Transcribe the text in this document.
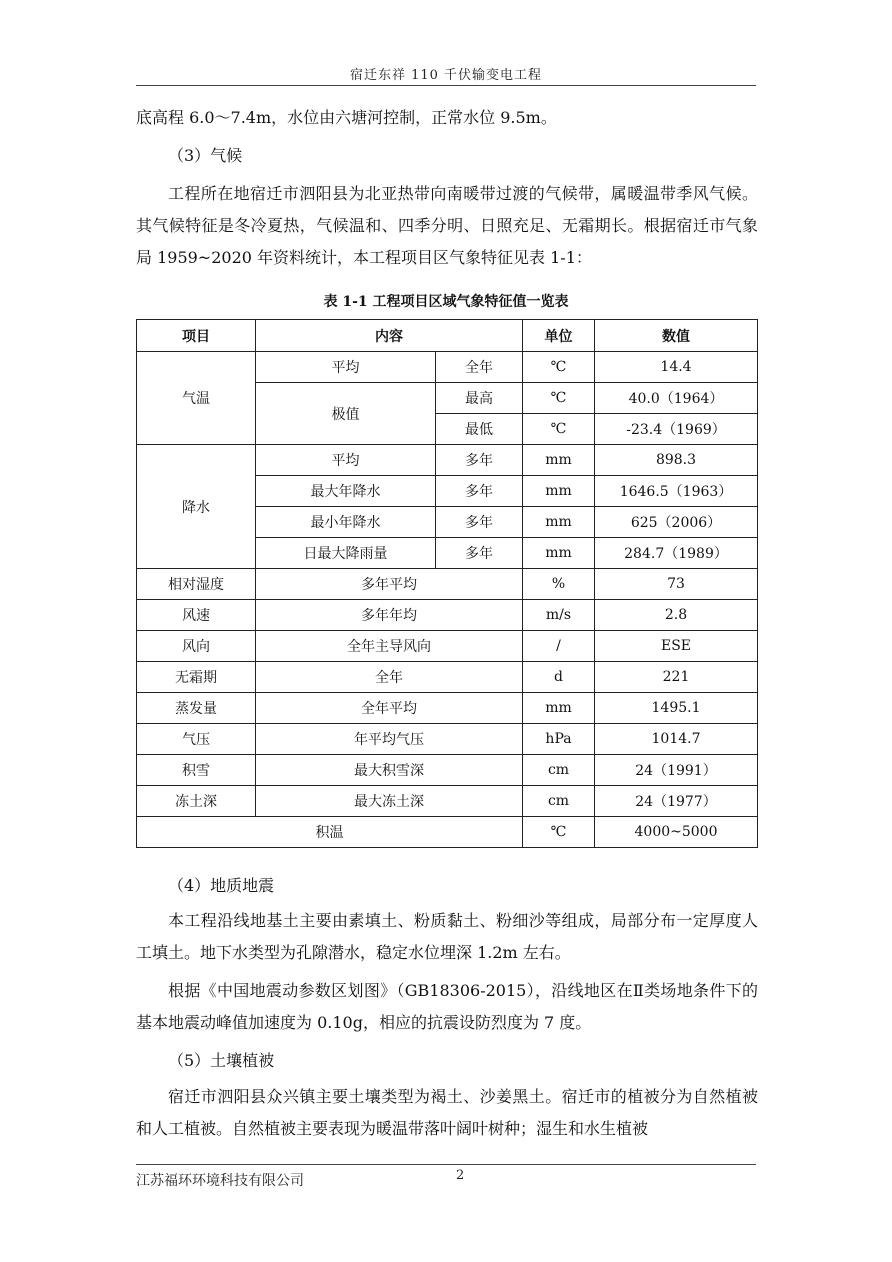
宿迁东祥 110 千伏输变电工程

底高程 6.0～7.4m，水位由六塘河控制，正常水位 9.5m。

（3）气候

工程所在地宿迁市泗阳县为北亚热带向南暖带过渡的气候带，属暖温带季风气候。其气候特征是冬冷夏热，气候温和、四季分明、日照充足、无霜期长。根据宿迁市气象局 1959~2020 年资料统计，本工程项目区气象特征见表 1-1：

表 1-1 工程项目区域气象特征值一览表
项目	内容		单位	数值
气温	平均	全年	℃	14.4
	极值	最高	℃	40.0（1964）
		最低	℃	-23.4（1969）
降水	平均	多年	mm	898.3
	最大年降水	多年	mm	1646.5（1963）
	最小年降水	多年	mm	625（2006）
	日最大降雨量	多年	mm	284.7（1989）
相对湿度	多年平均		%	73
风速	多年年均		m/s	2.8
风向	全年主导风向		/	ESE
无霜期	全年		d	221
蒸发量	全年平均		mm	1495.1
气压	年平均气压		hPa	1014.7
积雪	最大积雪深		cm	24（1991）
冻土深	最大冻土深		cm	24（1977）
积温			℃	4000~5000

（4）地质地震

本工程沿线地基土主要由素填土、粉质黏土、粉细沙等组成，局部分布一定厚度人工填土。地下水类型为孔隙潜水，稳定水位埋深 1.2m 左右。

根据《中国地震动参数区划图》（GB18306-2015），沿线地区在Ⅱ类场地条件下的基本地震动峰值加速度为 0.10g，相应的抗震设防烈度为 7 度。

（5）土壤植被

宿迁市泗阳县众兴镇主要土壤类型为褐土、沙姜黑土。宿迁市的植被分为自然植被和人工植被。自然植被主要表现为暖温带落叶阔叶树种；湿生和水生植被

江苏福环环境科技有限公司	2
